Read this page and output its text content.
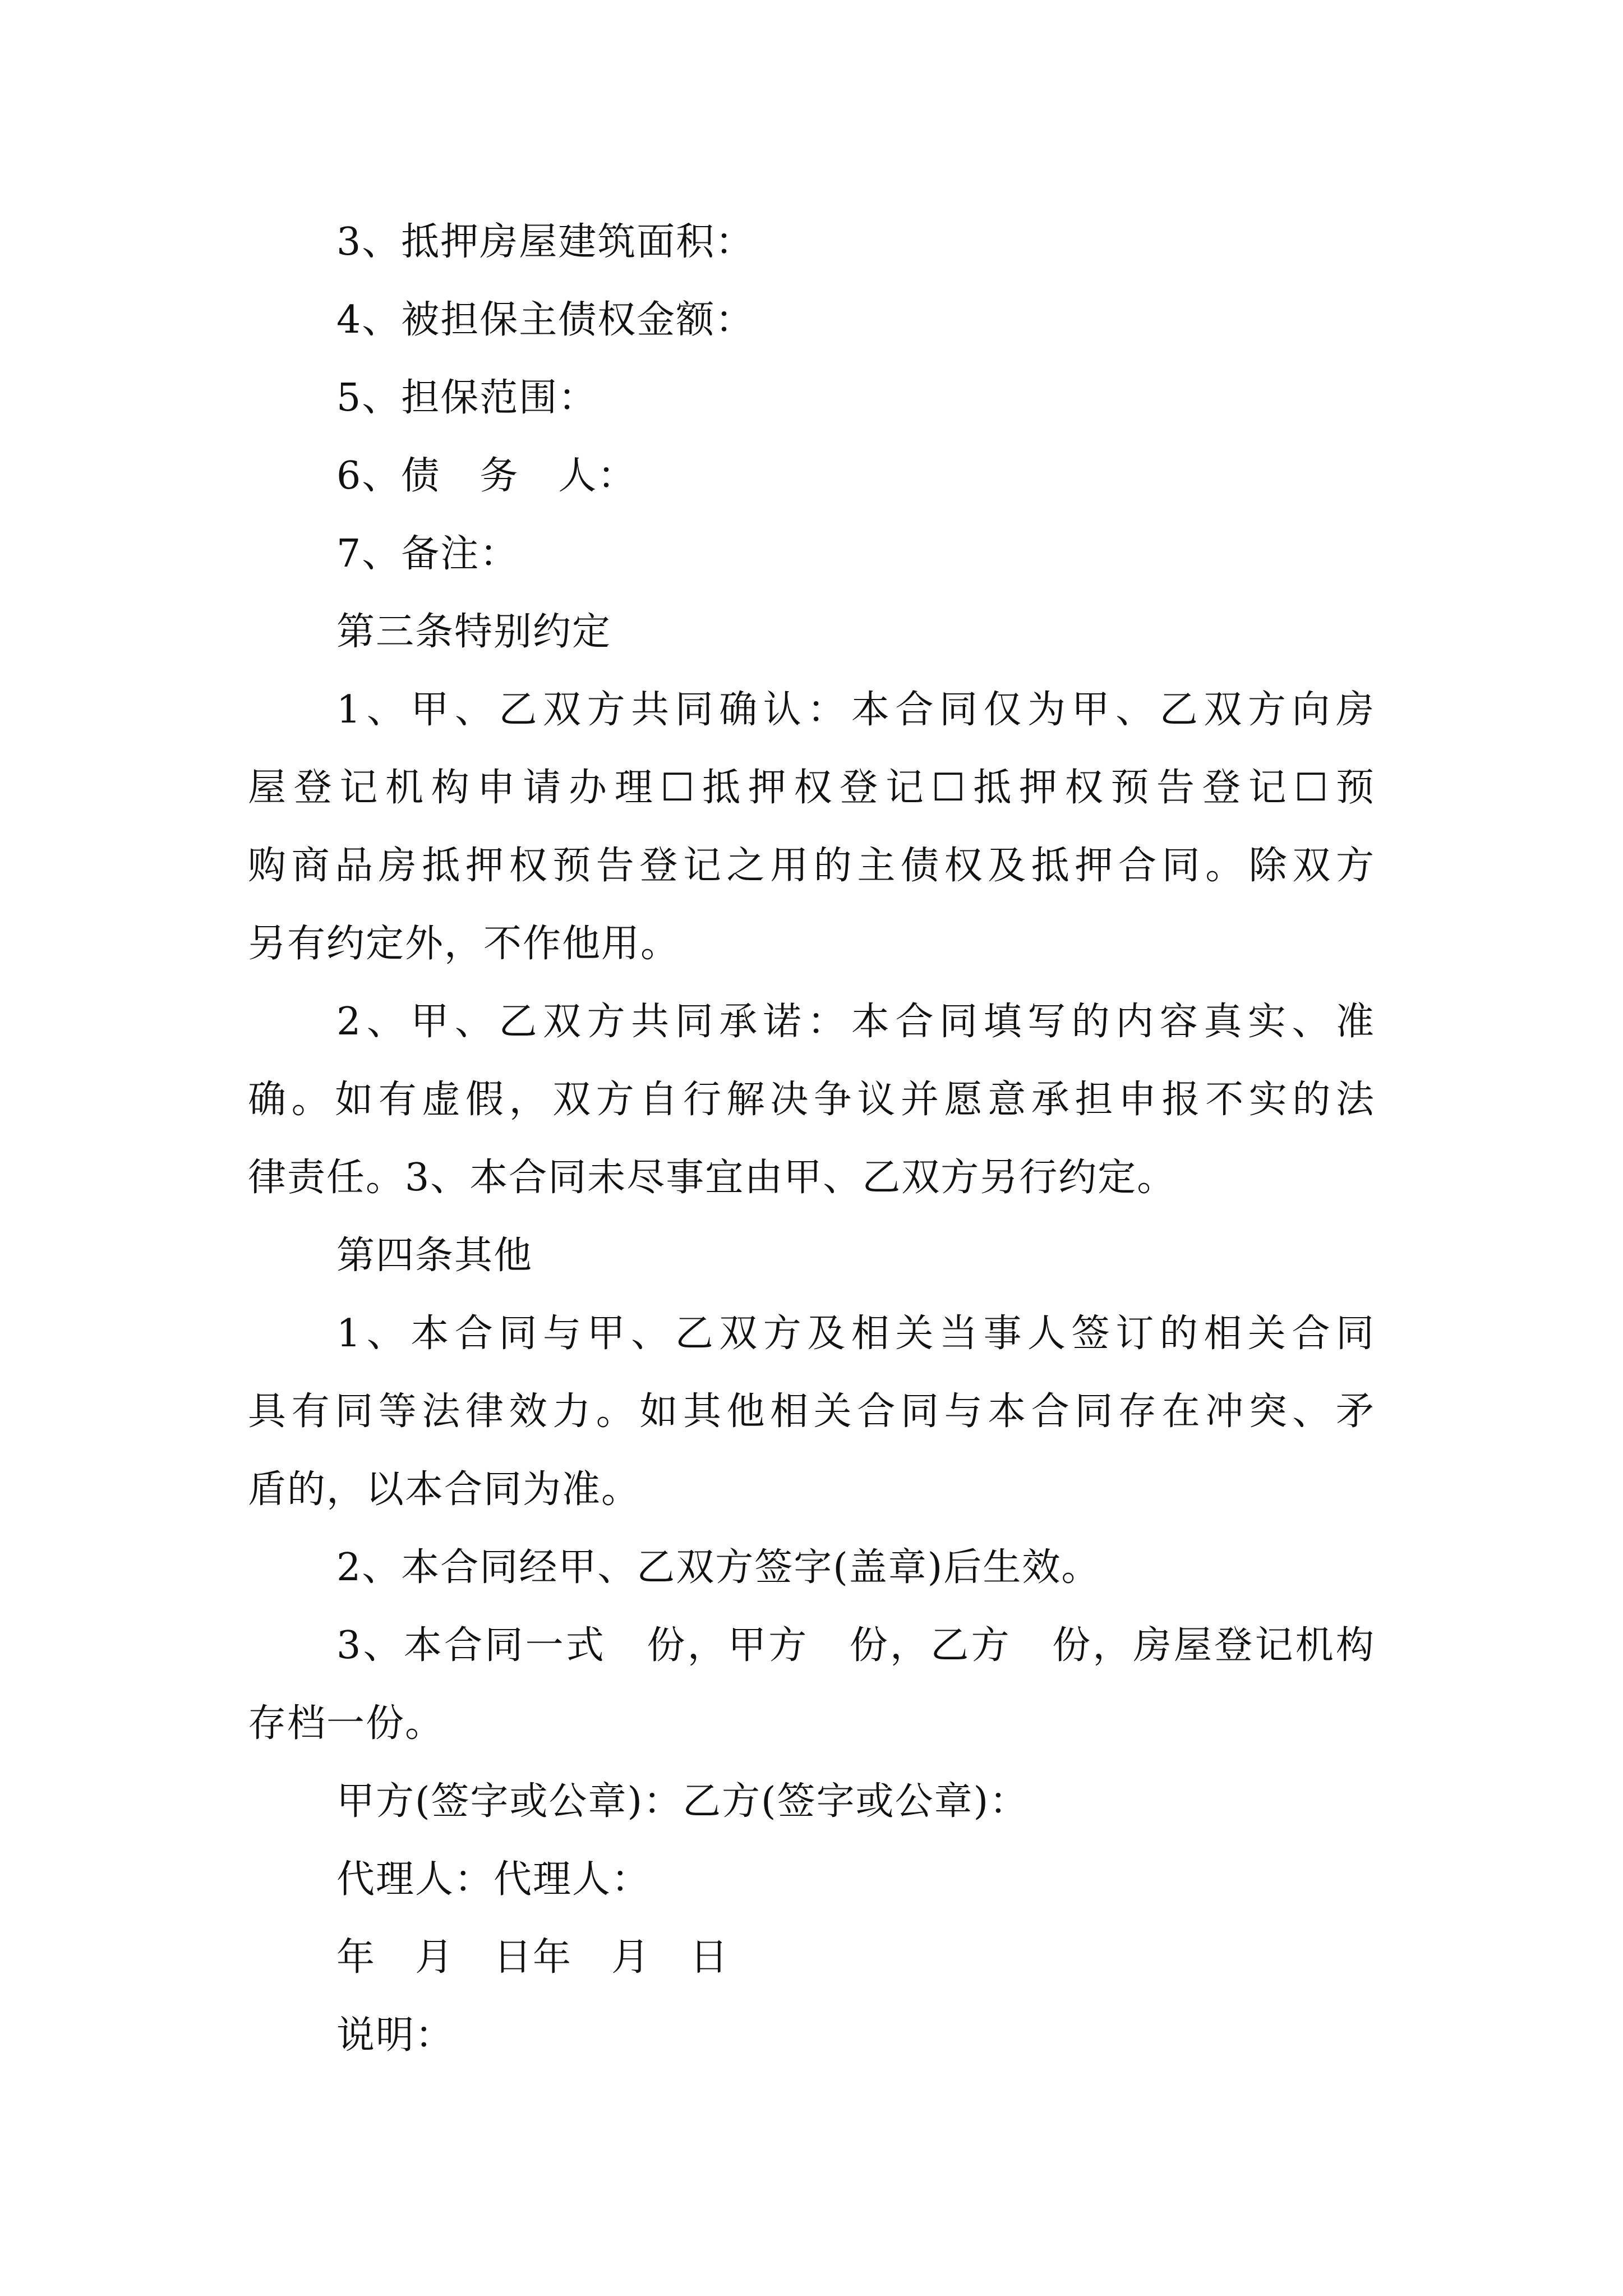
3、抵押房屋建筑面积：
4、被担保主债权金额：
5、担保范围：
6、债　务　人：
7、备注：
第三条特别约定
1、甲、乙双方共同确认：本合同仅为甲、乙双方向房
屋登记机构申请办理☐抵押权登记☐抵押权预告登记☐预
购商品房抵押权预告登记之用的主债权及抵押合同。除双方
另有约定外，不作他用。
2、甲、乙双方共同承诺：本合同填写的内容真实、准
确。如有虚假，双方自行解决争议并愿意承担申报不实的法
律责任。3、本合同未尽事宜由甲、乙双方另行约定。
第四条其他
1、本合同与甲、乙双方及相关当事人签订的相关合同
具有同等法律效力。如其他相关合同与本合同存在冲突、矛
盾的，以本合同为准。
2、本合同经甲、乙双方签字(盖章)后生效。
3、本合同一式　份，甲方　份，乙方　份，房屋登记机构
存档一份。
甲方(签字或公章)：乙方(签字或公章)：
代理人：代理人：
年　月　日年　月　日
说明：
